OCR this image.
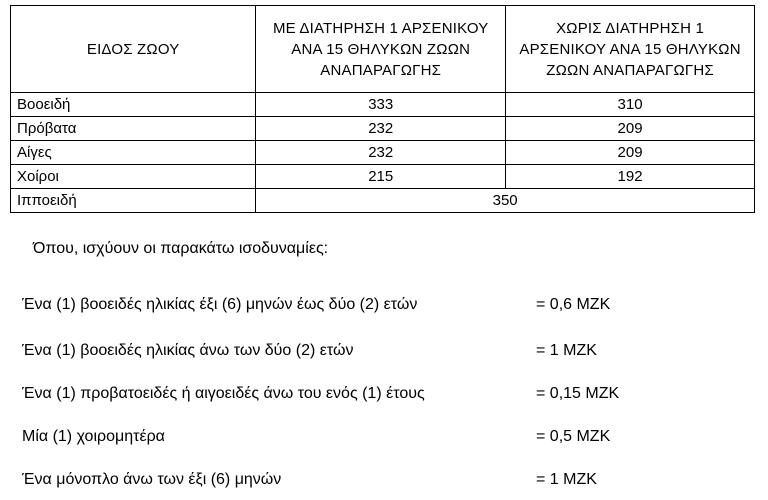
ΕΙΔΟΣ ΖΩΟΥ	ΜΕ ΔΙΑΤΗΡΗΣΗ 1 ΑΡΣΕΝΙΚΟΥ ΑΝΑ 15 ΘΗΛΥΚΩΝ ΖΩΩΝ ΑΝΑΠΑΡΑΓΩΓΗΣ	ΧΩΡΙΣ ΔΙΑΤΗΡΗΣΗ 1 ΑΡΣΕΝΙΚΟΥ ΑΝΑ 15 ΘΗΛΥΚΩΝ ΖΩΩΝ ΑΝΑΠΑΡΑΓΩΓΗΣ
Βοοειδή	333	310
Πρόβατα	232	209
Αίγες	232	209
Χοίροι	215	192
Ιπποειδή	350	
Όπου, ισχύουν οι παρακάτω ισοδυναμίες:
Ένα (1) βοοειδές ηλικίας έξι (6) μηνών έως δύο (2) ετών	= 0,6 ΜΖΚ
Ένα (1) βοοειδές ηλικίας άνω των δύο (2) ετών	= 1 ΜΖΚ
Ένα (1) προβατοειδές ή αιγοειδές άνω του ενός (1) έτους	= 0,15 ΜΖΚ
Μία (1) χοιρομητέρα	= 0,5 ΜΖΚ
Ένα μόνοπλο άνω των έξι (6) μηνών	= 1 ΜΖΚ
